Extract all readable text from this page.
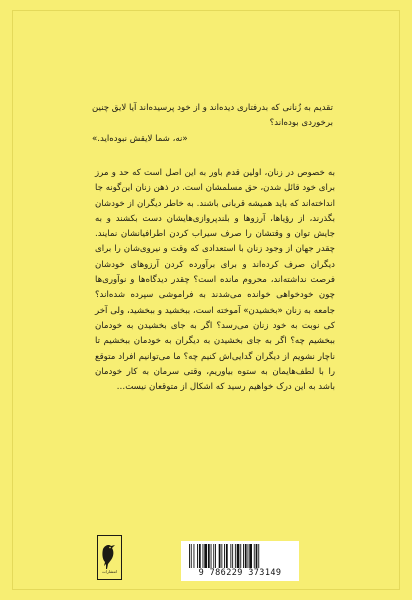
تقدیم به زُنانی که بدرفتاری دیده‌اند و از خود پرسیده‌اند آیا لایق چنین برخوردی بوده‌اند؟
«نه، شما لایقش نبوده‌اید.»
به خصوص در زنان، اولین قدم باور به این اصل است که حد و مرز برای خود قائل شدن، حق مسلمشان است. در ذهن زنان این‌گونه جا انداخته‌اند که باید همیشه قربانی باشند. به خاطر دیگران از خودشان بگذرند، از رؤیاها، آرزوها و بلندپروازی‌هایشان دست بکشند و به جایش توان و وقتشان را صرف سیراب کردن اطرافیانشان نمایند. چقدر جهان از وجود زنان با استعدادی که وقت و نیروی‌شان را برای دیگران صرف کرده‌اند و برای برآورده کردن آرزوهای خودشان فرصت نداشته‌اند، محروم مانده است؟ چقدر دیدگاه‌ها و نوآوری‌ها چون خودخواهی خوانده می‌شدند به فراموشی سپرده شده‌اند؟ جامعه به زنان «بخشیدن» آموخته است، ببخشید و ببخشید، ولی آخر کی نوبت به خود زنان می‌رسد؟ اگر به جای بخشیدن به خودمان ببخشیم چه؟ اگر به جای بخشیدن به دیگران به خودمان ببخشیم تا ناچار نشویم از دیگران گدایی‌اش کنیم چه؟ ما می‌توانیم افراد متوقع را با لطف‌هایمان به ستوه بیاوریم، وقتی سرمان به کار خودمان باشد به این درک خواهیم رسید که اشکال از متوقعان نیست…
انتشارات	9 786229 373149
